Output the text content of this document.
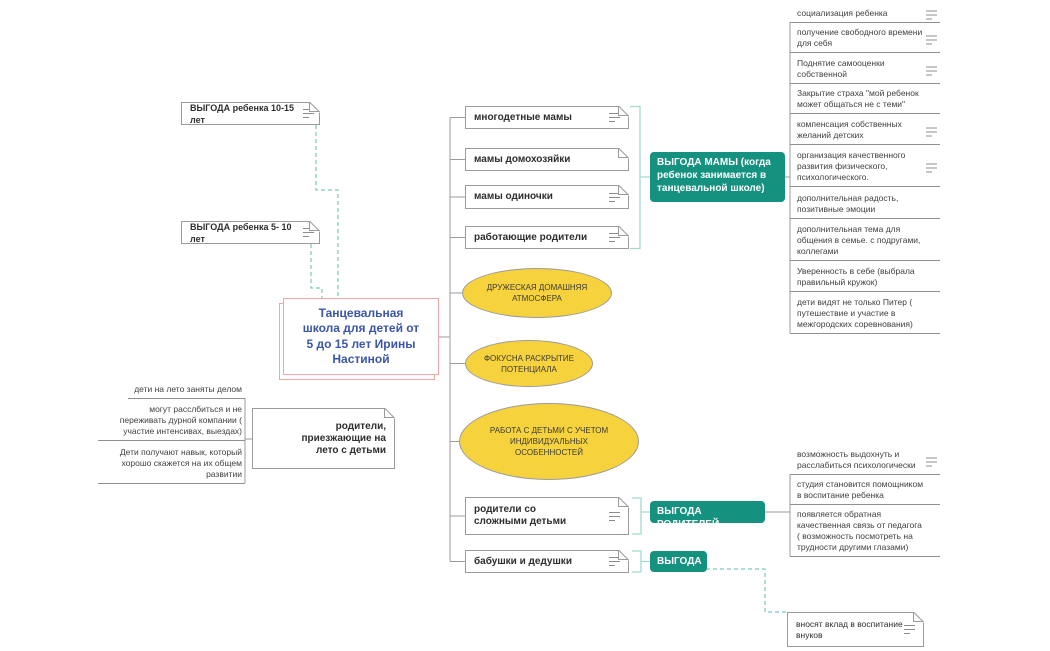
Танцевальная школа для детей от 5 до 15 лет Ирины Настиной
ВЫГОДА ребенка 10-15 лет
ВЫГОДА ребенка 5- 10 лет
родители, приезжающие на лето с детьми
дети на лето заняты делом
могут расслбиться и не переживать дурной компании ( участие интенсивах, выездах)
Дети получают навык, который хорошо скажется на их общем развитии
многодетные мамы
мамы домохозяйки
мамы одиночки
работающие родители
ДРУЖЕСКАЯ ДОМАШНЯЯ АТМОСФЕРА
ФОКУСНА РАСКРЫТИЕ ПОТЕНЦИАЛА
РАБОТА С ДЕТЬМИ С УЧЕТОМ ИНДИВИДУАЛЬНЫХ ОСОБЕННОСТЕЙ
родители со сложными детьми
бабушки и дедушки
ВЫГОДА МАМЫ (когда ребенок занимается в танцевальной школе)
ВЫГОДА РОДИТЕЛЕЙ
ВЫГОДА
социализация ребенка
получение свободного времени для себя
Поднятие самооценки собственной
Закрытие страха "мой ребенок может общаться не с теми"
компенсация собственных желаний детских
организация качественного развития физического, психологического.
дополнительная радость, позитивные эмоции
дополнительная тема для общения в семье. с подругами, коллегами
Уверенность в себе (выбрала правильный кружок)
дети видят не только Питер ( путешествие и участие в межгородских соревнования)
возможность выдохнуть и расслабиться психологически
студия становится помощником в воспитание ребенка
появляется обратная качественная связь от педагога ( возможность посмотреть на трудности другими глазами)
вносят вклад в воспитание внуков
